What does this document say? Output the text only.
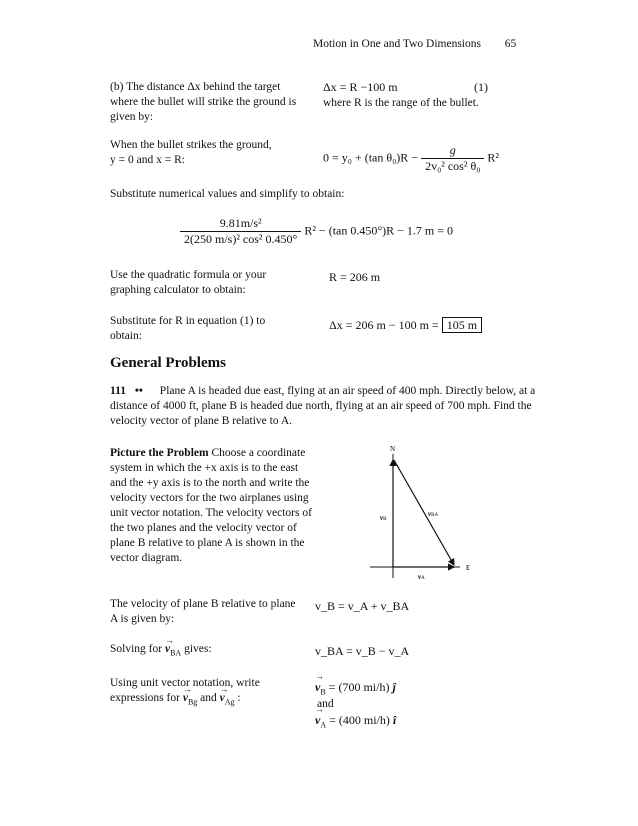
Motion in One and Two Dimensions 65
(b) The distance Δx behind the target where the bullet will strike the ground is given by:
Δx = R −100 m	(1)
where R is the range of the bullet.
When the bullet strikes the ground, y = 0 and x = R:	0 = y₀ + (tan $\theta_0)R - \frac{g}{\text{2v₀² cos² θ₀}} R^2$
Substitute numerical values and simplify to obtain:
$\frac{\text{9.81m/s²}}{\text{2(250 m/s)² cos² 0.450°}} R^2 - (\tan$ 0.450°)R − 1.7 m = 0
Use the quadratic formula or your graphing calculator to obtain:
R = 206 m
Substitute for R in equation (1) to obtain:
Δx = 206 m − 100 m = 105 m
General Problems
111 •• Plane A is headed due east, flying at an air speed of 400 mph. Directly below, at a distance of 4000 ft, plane B is headed due north, flying at an air speed of 700 mph. Find the velocity vector of plane B relative to A.
Picture the Problem Choose a coordinate system in which the +x axis is to the east and the +y axis is to the north and write the velocity vectors for the two airplanes using unit vector notation. The velocity vectors of the two planes and the velocity vector of plane B relative to plane A is shown in the vector diagram.
N
E
vB
vBA
vA
The velocity of plane B relative to plane A is given by:
v_B = v_A + v_BA
Solving for → $v_{BA}$ gives:	v_BA = v_B − v_A
Using unit vector notation, write expressions for → $v_{Bg}$ and → $v_{Ag}$ :
→ $v_B = (700$ mi/h) ĵ
and
→ $v_A = (400$ mi/h) î
